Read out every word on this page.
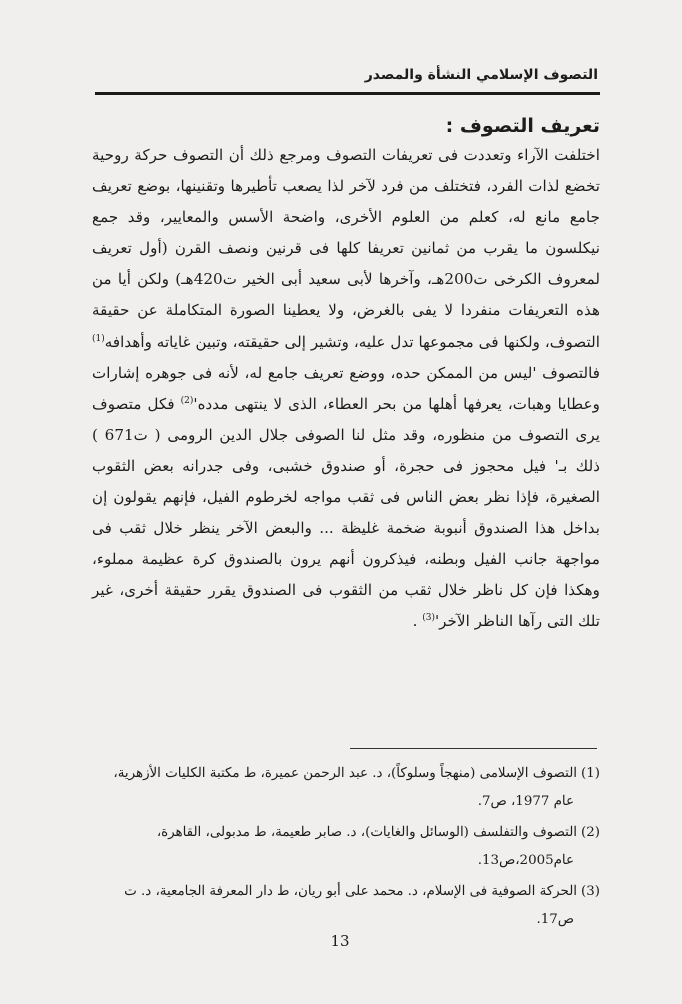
التصوف الإسلامي النشأة والمصدر
تعريف التصوف :

اختلفت الآراء وتعددت فى تعريفات التصوف ومرجع ذلك أن التصوف حركة روحية تخضع لذات الفرد، فتختلف من فرد لآخر لذا يصعب تأطيرها وتقنينها، بوضع تعريف جامع مانع له، كعلم من العلوم الأخرى، واضحة الأسس والمعايير، وقد جمع نيكلسون ما يقرب من ثمانين تعريفا كلها فى قرنين ونصف القرن (أول تعريف لمعروف الكرخى ت200هـ، وآخرها لأبى سعيد أبى الخير ت420هـ) ولكن أيا من هذه التعريفات منفردا لا يفى بالغرض، ولا يعطينا الصورة المتكاملة عن حقيقة التصوف، ولكنها فى مجموعها تدل عليه، وتشير إلى حقيقته، وتبين غاياته وأهدافه$^{(1)}$ فالتصوف 'ليس من الممكن حده، ووضع تعريف جامع له، لأنه فى جوهره إشارات وعطايا وهبات، يعرفها أهلها من بحر العطاء، الذى لا ينتهى $مدده'^{(2)}$ فكل متصوف يرى التصوف من منظوره، وقد مثل لنا الصوفى جلال الدين الرومى ( ت671 ) ذلك بـ' فيل محجوز فى حجرة، أو صندوق خشبى، وفى جدرانه بعض الثقوب الصغيرة، فإذا نظر بعض الناس فى ثقب مواجه لخرطوم الفيل، فإنهم يقولون إن بداخل هذا الصندوق أنبوبة ضخمة غليظة ... والبعض الآخر ينظر خلال ثقب فى مواجهة جانب الفيل وبطنه، فيذكرون أنهم يرون بالصندوق كرة عظيمة مملوء، وهكذا فإن كل ناظر خلال ثقب من الثقوب فى الصندوق يقرر حقيقة أخرى، غير تلك التى رآها الناظر $الآخر'^{(3)}$ .

(1)التصوف الإسلامى (منهجاً وسلوكاً)، د. عبد الرحمن عميرة، ط مكتبة الكليات الأزهرية،
عام 1977، ص7.
(2)التصوف والتفلسف (الوسائل والغايات)، د. صابر طعيمة، ط مدبولى، القاهرة،
عام2005،ص13.
(3)الحركة الصوفية فى الإسلام، د. محمد على أبو ريان، ط دار المعرفة الجامعية، د. ت
ص17.
13
